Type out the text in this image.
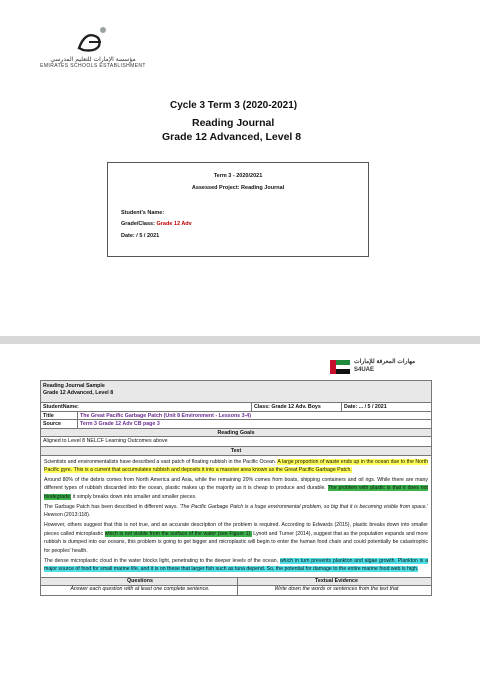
مؤسسة الإمارات للتعليم المدرسي
EMIRATES SCHOOLS ESTABLISHMENT
Cycle 3 Term 3 (2020-2021)
Reading Journal
Grade 12 Advanced, Level 8
Term 3 - 2020/2021
Assessed Project: Reading Journal
Student's Name:
Grade/Class: Grade 12 Adv
Date: / 5 / 2021
مهارات المعرفة للإمارات
S4UAE
Reading Journal Sample
Grade 12 Advanced, Level 8
StudentName:	Class: Grade 12 Adv. Boys	Date: ... / 5 / 2021
Title	The Great Pacific Garbage Patch (Unit 8 Environment - Lessons 3-4)
Source	Term 3 Grade 12 Adv CB page 3
Reading Goals
Aligned to Level 8 NELCF Learning Outcomes above
Text

Scientists and environmentalists have described a vast patch of floating rubbish in the Pacific Ocean. A large proportion of waste ends up in the ocean due to the North Pacific gyre. This is a current that accumulates rubbish and deposits it into a massive area known as the Great Pacific Garbage Patch.

Around 80% of the debris comes from North America and Asia, while the remaining 20% comes from boats, shipping containers and oil rigs. While there are many different types of rubbish discarded into the ocean, plastic makes up the majority as it is cheap to produce and durable. The problem with plastic is that it does not biodegrade; it simply breaks down into smaller and smaller pieces.

The Garbage Patch has been described in different ways. 'The Pacific Garbage Patch is a huge environmental problem, so big that it is becoming visible from space.' Hewson (2013:118).

However, others suggest that this is not true, and an accurate description of the problem is required. According to Edwards (2015), plastic breaks down into smaller pieces called microplastic which is not visible from the surface of the water (see Figure 1). Lynott and Turner (2014), suggest that as the population expands and more rubbish is dumped into our oceans, this problem is going to get bigger and microplastic will begin to enter the human food chain and could potentially be catastrophic for peoples' health.

The dense microplastic cloud in the water blocks light, penetrating to the deeper levels of the ocean, which in turn prevents plankton and algae growth. Plankton is a major source of food for small marine life, and it is on these that larger fish such as tuna depend. So, the potential for damage to the entire marine food web is high.

Questions	Textual Evidence
Answer each question with at least one complete sentence.	Write down the words or sentences from the text that
